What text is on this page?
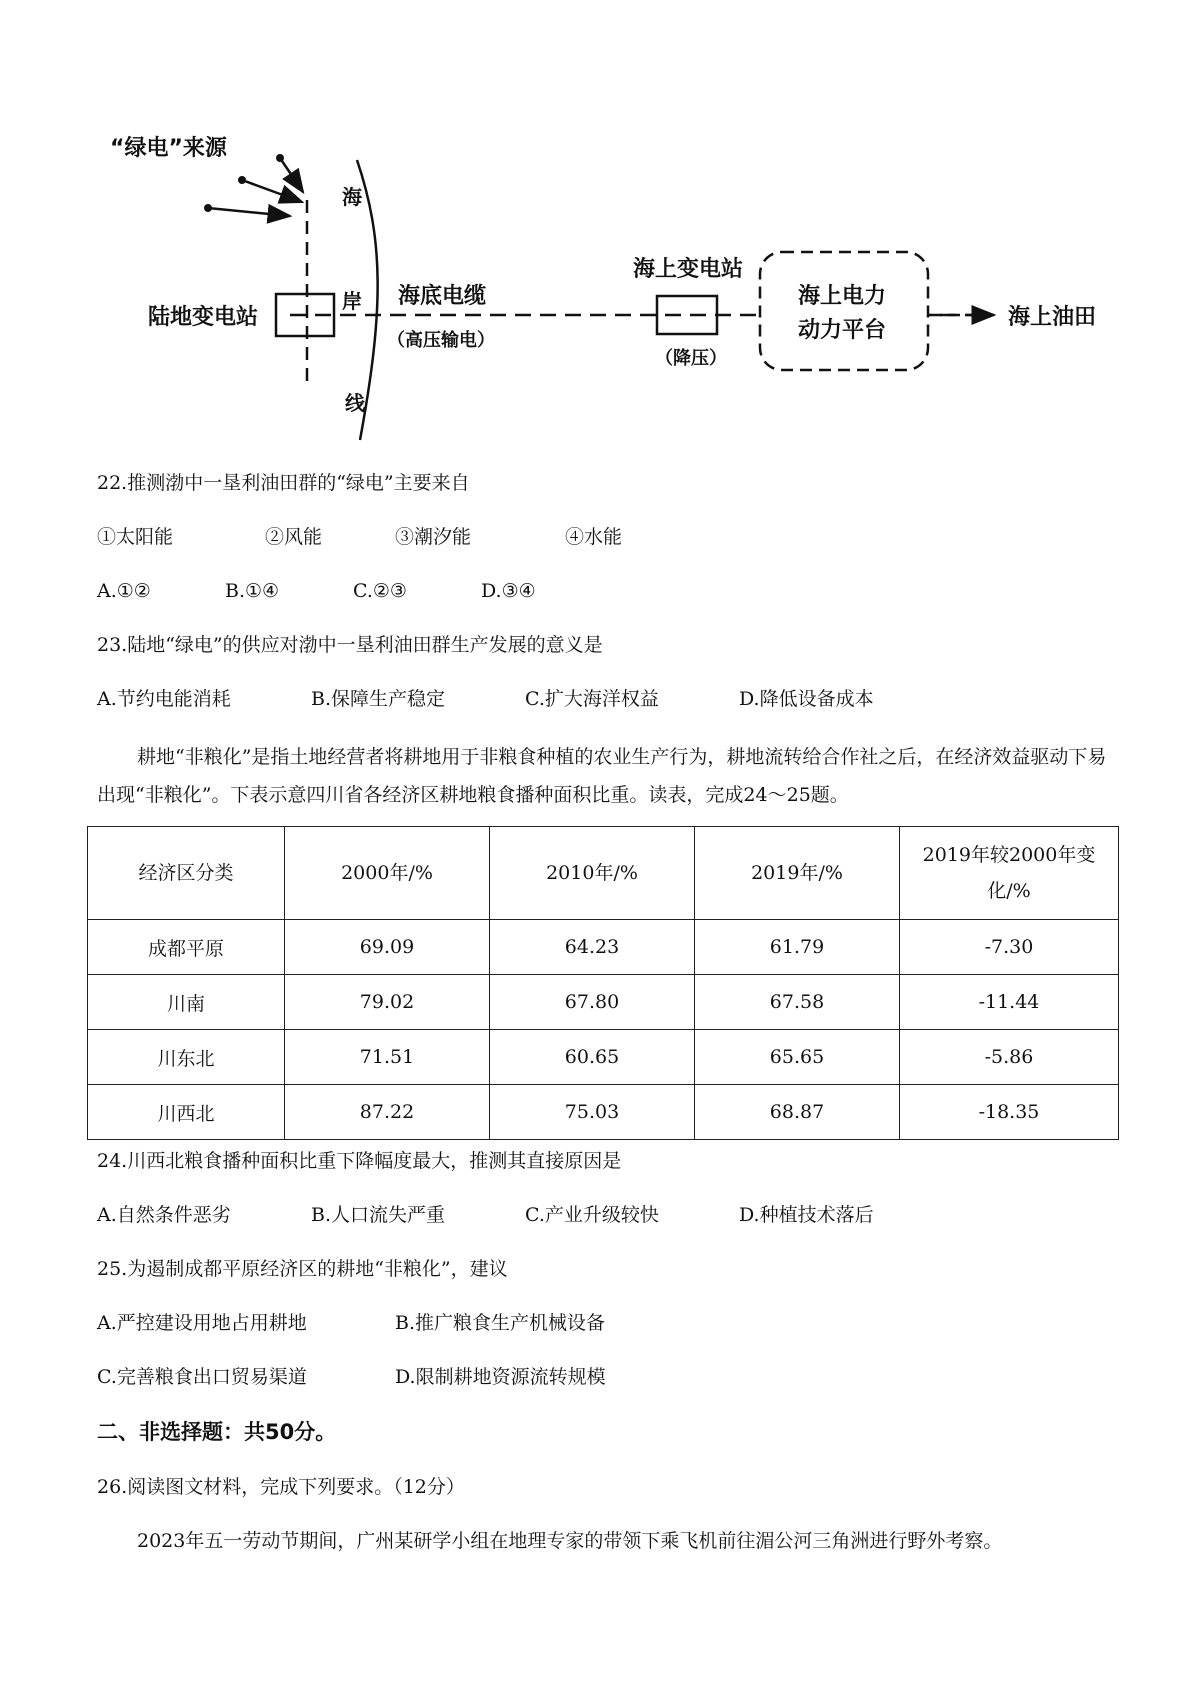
“绿电”来源
海
岸
线
陆地变电站
海底电缆
（高压输电）
海上变电站
（降压）
海上电力
动力平台
海上油田
22.推测渤中一垦利油田群的“绿电”主要来自
①太阳能	②风能	③潮汐能	④水能
A.①②	B.①④	C.②③	D.③④
23.陆地“绿电”的供应对渤中一垦利油田群生产发展的意义是
A.节约电能消耗	B.保障生产稳定	C.扩大海洋权益	D.降低设备成本
耕地“非粮化”是指土地经营者将耕地用于非粮食种植的农业生产行为，耕地流转给合作社之后，在经济效益驱动下易出现“非粮化”。下表示意四川省各经济区耕地粮食播种面积比重。读表，完成24～25题。
经济区分类	2000年/%	2010年/%	2019年/%	2019年较2000年变化/%
成都平原	69.09	64.23	61.79	-7.30
川南	79.02	67.80	67.58	-11.44
川东北	71.51	60.65	65.65	-5.86
川西北	87.22	75.03	68.87	-18.35
24.川西北粮食播种面积比重下降幅度最大，推测其直接原因是
A.自然条件恶劣	B.人口流失严重	C.产业升级较快	D.种植技术落后
25.为遏制成都平原经济区的耕地“非粮化”，建议
A.严控建设用地占用耕地	B.推广粮食生产机械设备
C.完善粮食出口贸易渠道	D.限制耕地资源流转规模
二、非选择题：共50分。
26.阅读图文材料，完成下列要求。（12分）
2023年五一劳动节期间，广州某研学小组在地理专家的带领下乘飞机前往湄公河三角洲进行野外考察。
